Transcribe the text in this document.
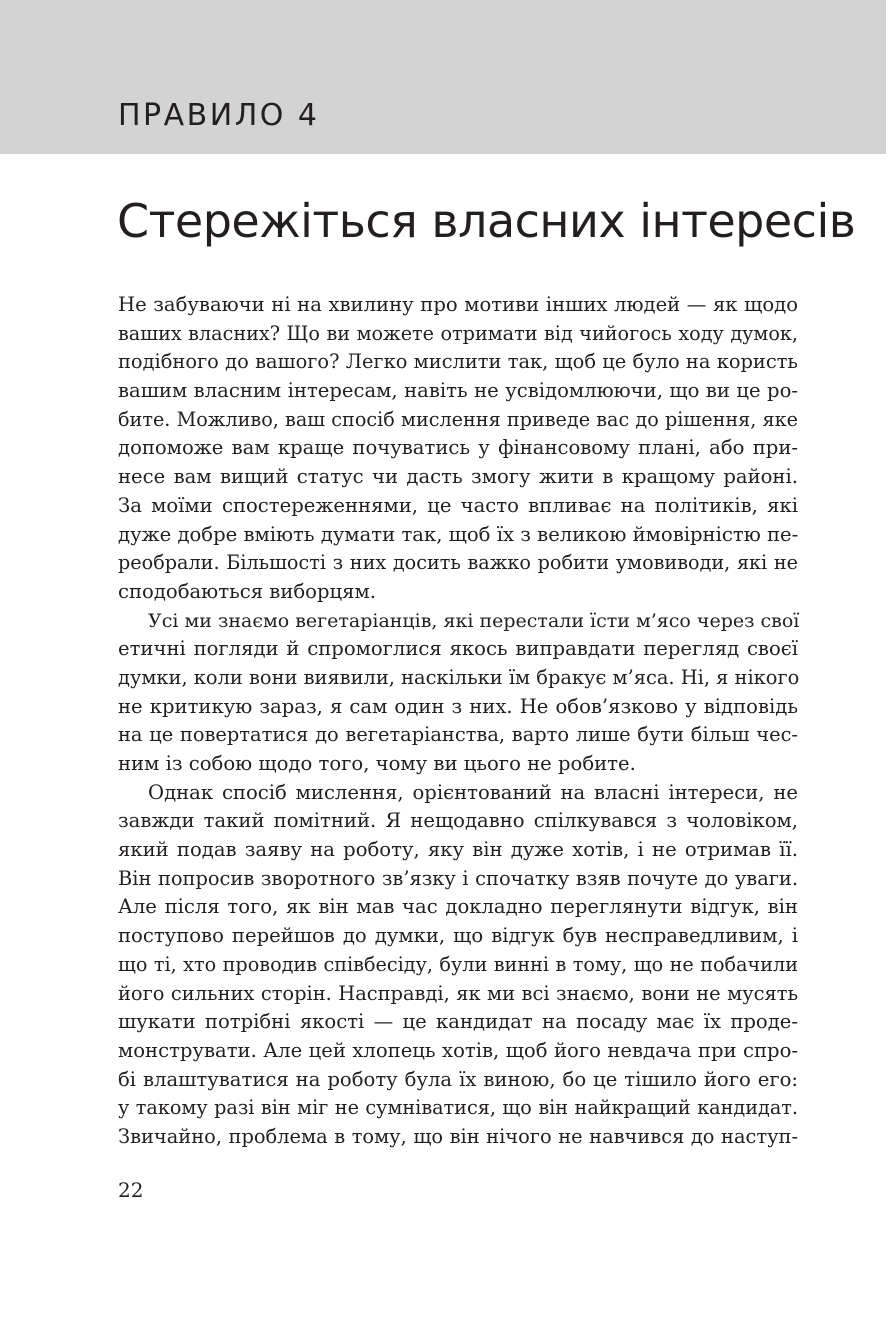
ПРАВИЛО 4
Стережіться власних інтересів
Не забуваючи ні на хвилину про мотиви інших людей — як щодо
ваших власних? Що ви можете отримати від чийогось ходу думок,
подібного до вашого? Легко мислити так, щоб це було на користь
вашим власним інтересам, навіть не усвідомлюючи, що ви це ро-
бите. Можливо, ваш спосіб мислення приведе вас до рішення, яке
допоможе вам краще почуватись у фінансовому плані, або при-
несе вам вищий статус чи дасть змогу жити в кращому районі.
За моїми спостереженнями, це часто впливає на політиків, які
дуже добре вміють думати так, щоб їх з великою ймовірністю пе-
реобрали. Більшості з них досить важко робити умовиводи, які не
сподобаються виборцям.
Усі ми знаємо вегетаріанців, які перестали їсти м’ясо через свої
етичні погляди й спромоглися якось виправдати перегляд своєї
думки, коли вони виявили, наскільки їм бракує м’яса. Ні, я нікого
не критикую зараз, я сам один з них. Не обов’язково у відповідь
на це повертатися до вегетаріанства, варто лише бути більш чес-
ним із собою щодо того, чому ви цього не робите.
Однак спосіб мислення, орієнтований на власні інтереси, не
завжди такий помітний. Я нещодавно спілкувався з чоловіком,
який подав заяву на роботу, яку він дуже хотів, і не отримав її.
Він попросив зворотного зв’язку і спочатку взяв почуте до уваги.
Але після того, як він мав час докладно переглянути відгук, він
поступово перейшов до думки, що відгук був несправедливим, і
що ті, хто проводив співбесіду, були винні в тому, що не побачили
його сильних сторін. Насправді, як ми всі знаємо, вони не мусять
шукати потрібні якості — це кандидат на посаду має їх проде-
монструвати. Але цей хлопець хотів, щоб його невдача при спро-
бі влаштуватися на роботу була їх виною, бо це тішило його его:
у такому разі він міг не сумніватися, що він найкращий кандидат.
Звичайно, проблема в тому, що він нічого не навчився до наступ-
22
